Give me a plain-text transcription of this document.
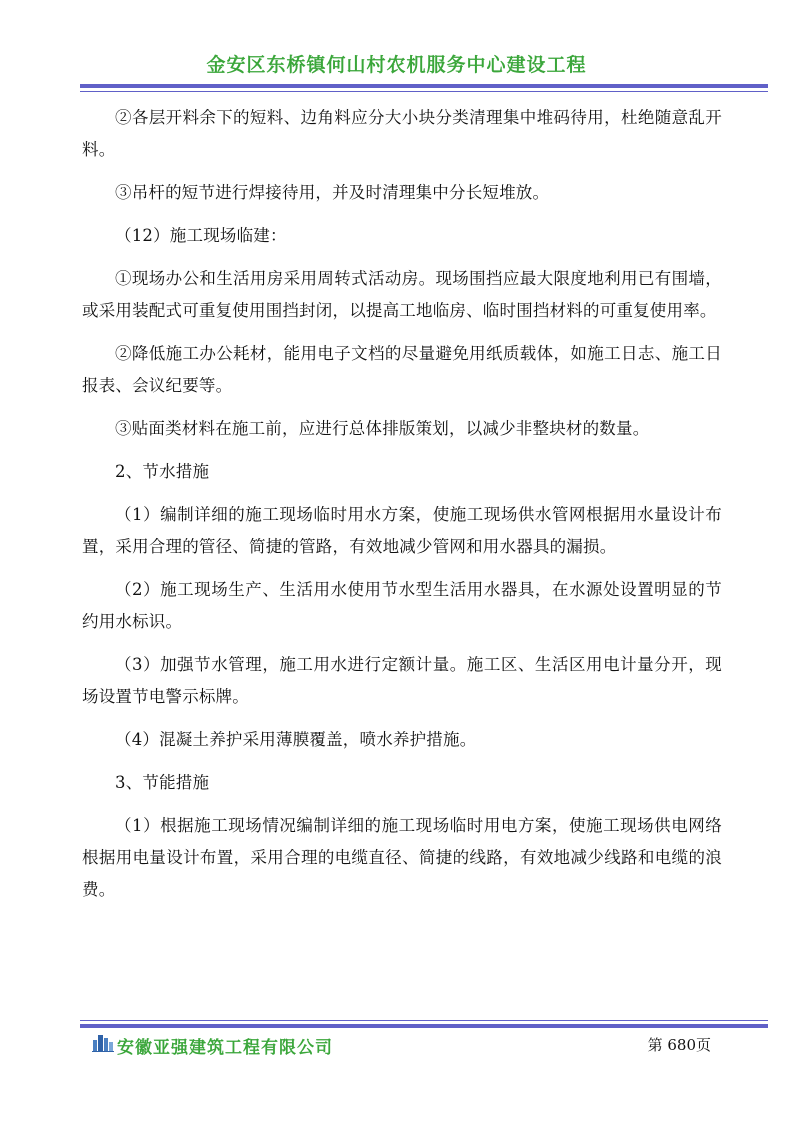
金安区东桥镇何山村农机服务中心建设工程

②各层开料余下的短料、边角料应分大小块分类清理集中堆码待用，杜绝随意乱开料。

③吊杆的短节进行焊接待用，并及时清理集中分长短堆放。

（12）施工现场临建：

①现场办公和生活用房采用周转式活动房。现场围挡应最大限度地利用已有围墙，或采用装配式可重复使用围挡封闭，以提高工地临房、临时围挡材料的可重复使用率。

②降低施工办公耗材，能用电子文档的尽量避免用纸质载体，如施工日志、施工日报表、会议纪要等。

③贴面类材料在施工前，应进行总体排版策划，以减少非整块材的数量。

2、节水措施

（1）编制详细的施工现场临时用水方案，使施工现场供水管网根据用水量设计布置，采用合理的管径、简捷的管路，有效地减少管网和用水器具的漏损。

（2）施工现场生产、生活用水使用节水型生活用水器具，在水源处设置明显的节约用水标识。

（3）加强节水管理，施工用水进行定额计量。施工区、生活区用电计量分开，现场设置节电警示标牌。

（4）混凝土养护采用薄膜覆盖，喷水养护措施。

3、节能措施

（1）根据施工现场情况编制详细的施工现场临时用电方案，使施工现场供电网络根据用电量设计布置，采用合理的电缆直径、简捷的线路，有效地减少线路和电缆的浪费。

安徽亚强建筑工程有限公司	第 680页
